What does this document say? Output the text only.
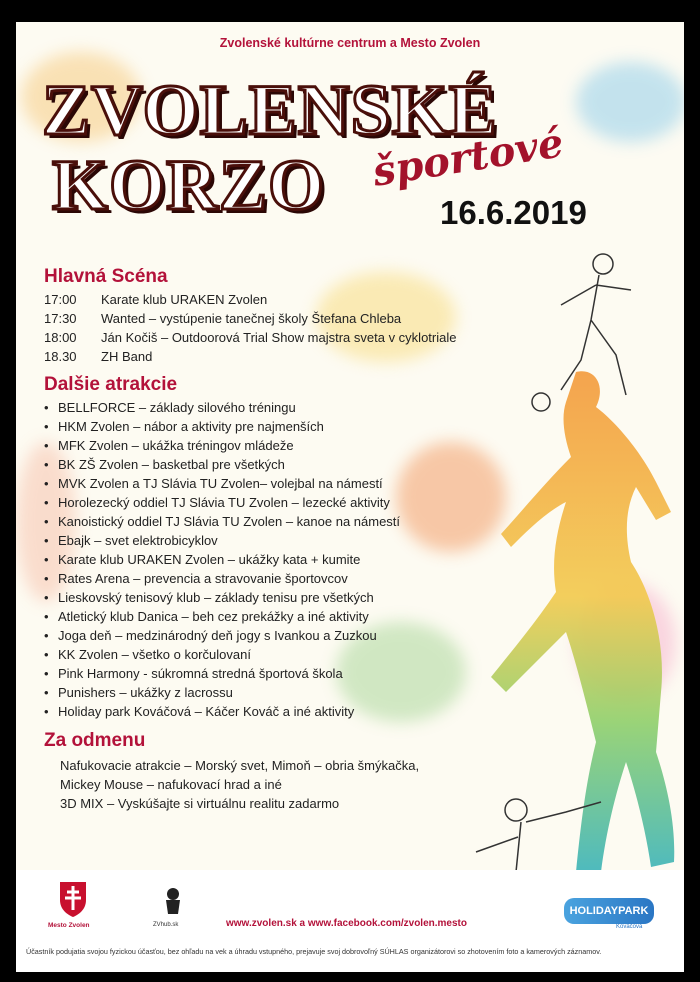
Zvolenské kultúrne centrum a Mesto Zvolen
ZVOLENSKÉ
KORZO športové
16.6.2019
Hlavná Scéna
17:00	Karate klub URAKEN Zvolen
17:30	Wanted – vystúpenie tanečnej školy Štefana Chleba
18:00	Ján Kočiš – Outdoorová Trial Show majstra sveta v cyklotriale
18.30	ZH Band
Dalšie atrakcie
• BELLFORCE – základy silového tréningu
• HKM Zvolen – nábor a aktivity pre najmenších
• MFK Zvolen – ukážka tréningov mládeže
• BK ZŠ Zvolen – basketbal pre všetkých
• MVK Zvolen a TJ Slávia TU Zvolen– volejbal na námestí
• Horolezecký oddiel TJ Slávia TU Zvolen – lezecké aktivity
• Kanoistický oddiel TJ Slávia TU Zvolen – kanoe na námestí
• Ebajk – svet elektrobicyklov
• Karate klub URAKEN Zvolen – ukážky kata + kumite
• Rates Arena – prevencia a stravovanie športovcov
• Lieskovský tenisový klub – základy tenisu pre všetkých
• Atletický klub Danica – beh cez prekážky a iné aktivity
• Joga deň – medzinárodný deň jogy s Ivankou a Zuzkou
• KK Zvolen – všetko o korčulovaní
• Pink Harmony - súkromná stredná športová škola
• Punishers – ukážky z lacrossu
• Holiday park Kováčová – Káčer Kováč a iné aktivity
Za odmenu
Nafukovacie atrakcie – Morský svet, Mimoň – obria šmýkačka,
Mickey Mouse – nafukovací hrad a iné
3D MIX – Vyskúšajte si virtuálnu realitu zadarmo
Mesto Zvolen	ZVhub.sk	www.zvolen.sk a www.facebook.com/zvolen.mesto
HOLIDAYPARK
Kováčová
Účastník podujatia svojou fyzickou účasťou, bez ohľadu na vek a úhradu vstupného, prejavuje svoj dobrovoľný SÚHLAS organizátorovi so zhotovením foto a kamerových záznamov.
